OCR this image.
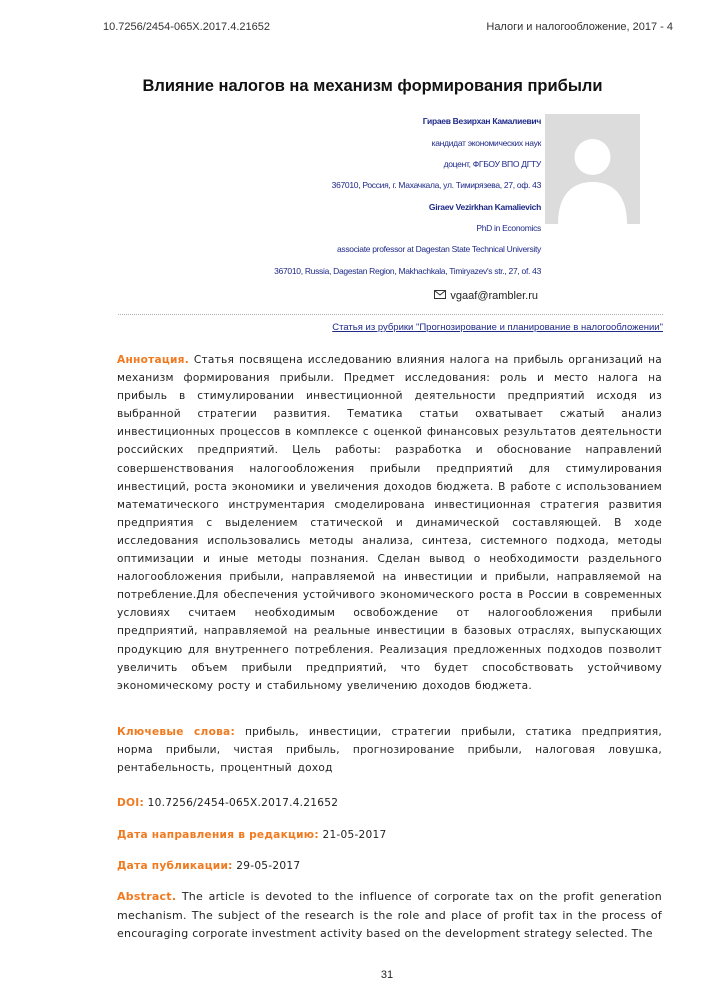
10.7256/2454-065X.2017.4.21652	Налоги и налогообложение, 2017 - 4
Влияние налогов на механизм формирования прибыли
Гираев Везирхан Камалиевич
кандидат экономических наук
доцент, ФГБОУ ВПО ДГТУ
367010, Россия, г. Махачкала, ул. Тимирязева, 27, оф. 43
Giraev Vezirkhan Kamalievich
PhD in Economics
associate professor at Dagestan State Technical University
367010, Russia, Dagestan Region, Makhachkala, Timiryazev's str., 27, of. 43
vgaaf@rambler.ru
Статья из рубрики "Прогнозирование и планирование в налогообложении"
Аннотация. Статья посвящена исследованию влияния налога на прибыль организаций на механизм формирования прибыли. Предмет исследования: роль и место налога на прибыль в стимулировании инвестиционной деятельности предприятий исходя из выбранной стратегии развития. Тематика статьи охватывает сжатый анализ инвестиционных процессов в комплексе с оценкой финансовых результатов деятельности российских предприятий. Цель работы: разработка и обоснование направлений совершенствования налогообложения прибыли предприятий для стимулирования инвестиций, роста экономики и увеличения доходов бюджета. В работе с использованием математического инструментария смоделирована инвестиционная стратегия развития предприятия с выделением статической и динамической составляющей. В ходе исследования использовались методы анализа, синтеза, системного подхода, методы оптимизации и иные методы познания. Сделан вывод о необходимости раздельного налогообложения прибыли, направляемой на инвестиции и прибыли, направляемой на потребление.Для обеспечения устойчивого экономического роста в России в современных условиях считаем необходимым освобождение от налогообложения прибыли предприятий, направляемой на реальные инвестиции в базовых отраслях, выпускающих продукцию для внутреннего потребления. Реализация предложенных подходов позволит увеличить объем прибыли предприятий, что будет способствовать устойчивому экономическому росту и стабильному увеличению доходов бюджета.
Ключевые слова: прибыль, инвестиции, стратегии прибыли, статика предприятия, норма прибыли, чистая прибыль, прогнозирование прибыли, налоговая ловушка, рентабельность, процентный доход
DOI: 10.7256/2454-065X.2017.4.21652
Дата направления в редакцию: 21-05-2017
Дата публикации: 29-05-2017
Abstract. The article is devoted to the influence of corporate tax on the profit generation mechanism. The subject of the research is the role and place of profit tax in the process of encouraging corporate investment activity based on the development strategy selected. The
31
